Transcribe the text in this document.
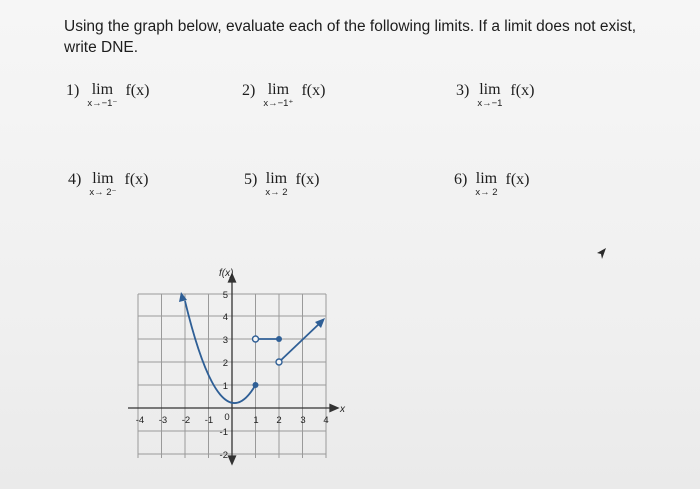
Using the graph below, evaluate each of the following limits. If a limit does not exist, write DNE.
1) lim
x→−1⁻
f(x)	2) lim
x→−1⁺
f(x)	3) lim
x→−1
f(x)
4) lim
x→ 2⁻
f(x)	5) lim
x→ 2
f(x)	6) lim
x→ 2
f(x)
f(x)
x
-4 -3 -2 -1 0 1 2 3 4
5
4
3
2
1
-1
-2
